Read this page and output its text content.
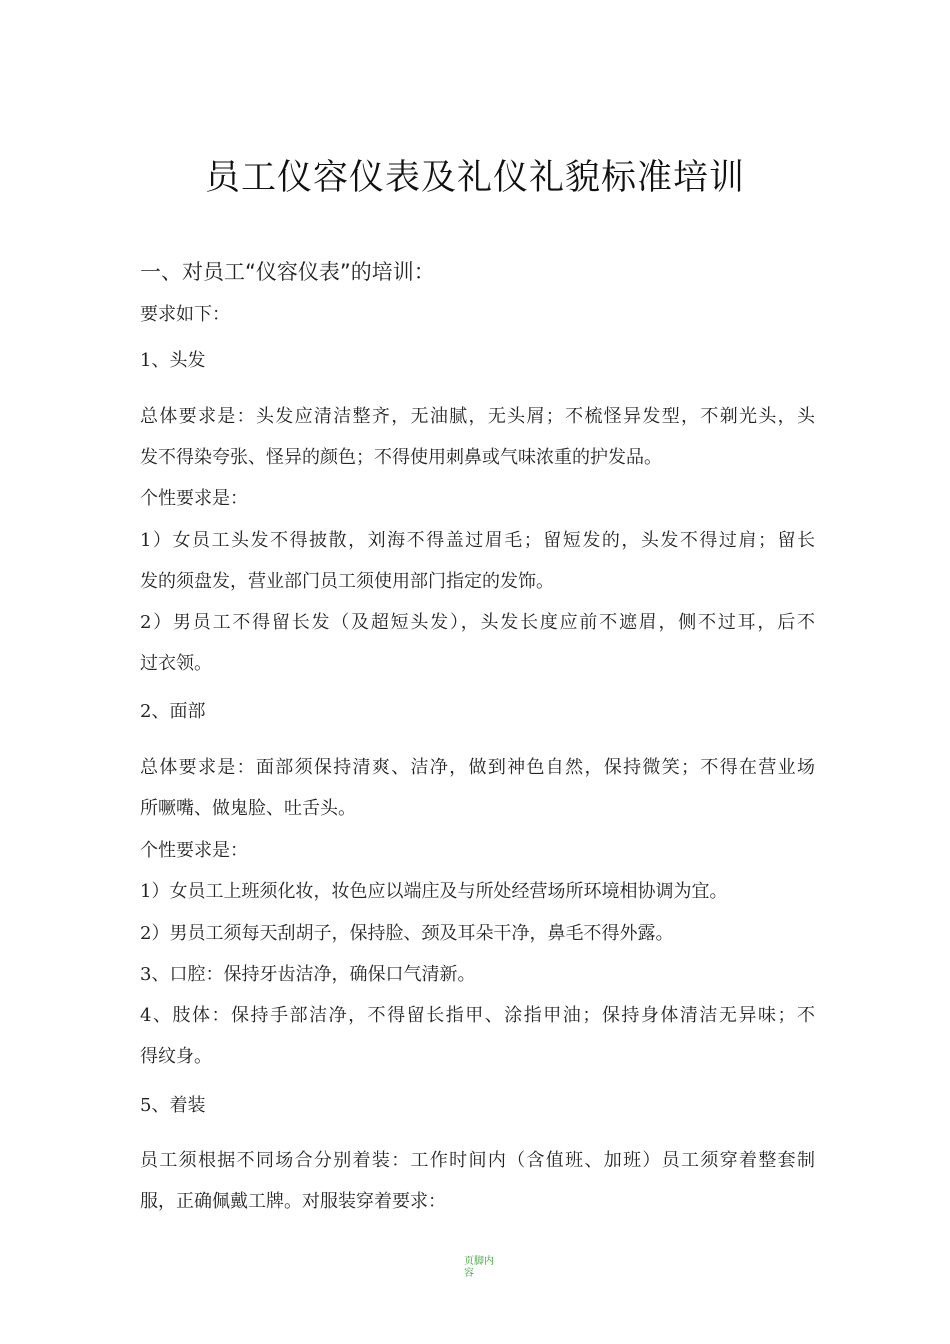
员工仪容仪表及礼仪礼貌标准培训
一、对员工“仪容仪表”的培训：
要求如下：
1、头发
总体要求是：头发应清洁整齐，无油腻，无头屑；不梳怪异发型，不剃光头，头
发不得染夸张、怪异的颜色；不得使用刺鼻或气味浓重的护发品。
个性要求是：
1）女员工头发不得披散，刘海不得盖过眉毛；留短发的，头发不得过肩；留长
发的须盘发，营业部门员工须使用部门指定的发饰。
2）男员工不得留长发（及超短头发），头发长度应前不遮眉，侧不过耳，后不
过衣领。
2、面部
总体要求是：面部须保持清爽、洁净，做到神色自然，保持微笑；不得在营业场
所噘嘴、做鬼脸、吐舌头。
个性要求是：
1）女员工上班须化妆，妆色应以端庄及与所处经营场所环境相协调为宜。
2）男员工须每天刮胡子，保持脸、颈及耳朵干净，鼻毛不得外露。
3、口腔：保持牙齿洁净，确保口气清新。
4、肢体：保持手部洁净，不得留长指甲、涂指甲油；保持身体清洁无异味；不
得纹身。
5、着装
员工须根据不同场合分别着装：工作时间内（含值班、加班）员工须穿着整套制
服，正确佩戴工牌。对服装穿着要求：
页脚内容
